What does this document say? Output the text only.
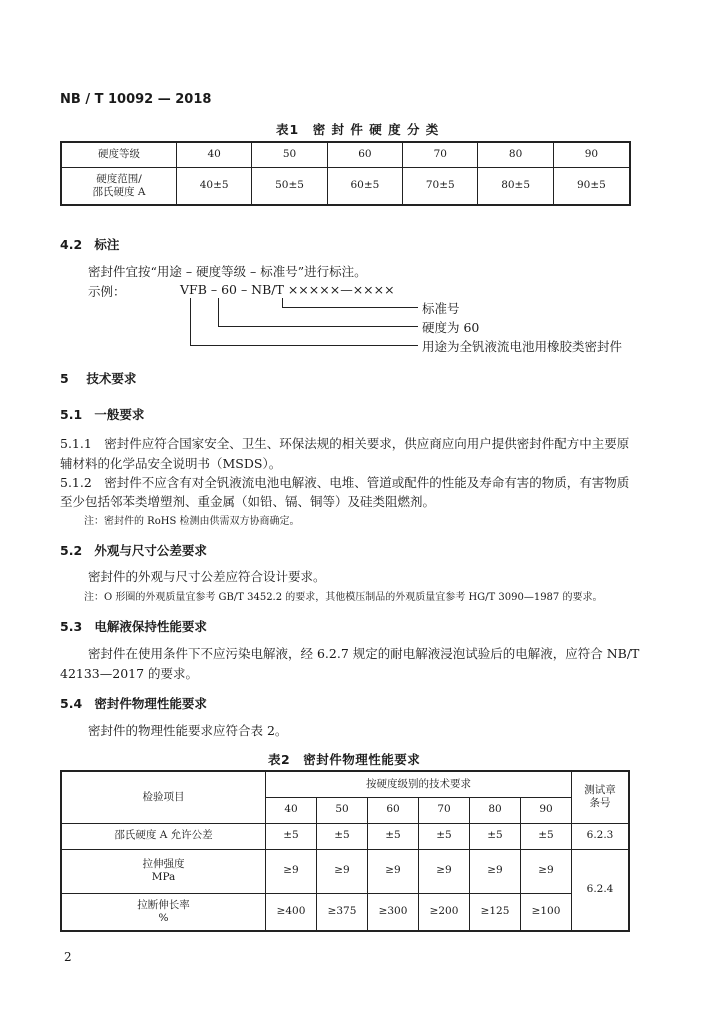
NB / T 10092 — 2018
表1　密 封 件 硬 度 分 类
硬度等级	40	50	60	70	80	90

硬度范围/
邵氏硬度 A	40±5	50±5	60±5	70±5	80±5	90±5
4.2 标注
密封件宜按“用途 – 硬度等级 – 标准号”进行标注。
示例：	VFB – 60 – NB/T ×××××—××××
标准号
硬度为 60
用途为全钒液流电池用橡胶类密封件
5 技术要求
5.1 一般要求
5.1.1　密封件应符合国家安全、卫生、环保法规的相关要求，供应商应向用户提供密封件配方中主要原
辅材料的化学品安全说明书（MSDS）。
5.1.2　密封件不应含有对全钒液流电池电解液、电堆、管道或配件的性能及寿命有害的物质，有害物质
至少包括邻苯类增塑剂、重金属（如铅、镉、铜等）及硅类阻燃剂。
注：密封件的 RoHS 检测由供需双方协商确定。
5.2 外观与尺寸公差要求
密封件的外观与尺寸公差应符合设计要求。
注：O 形圈的外观质量宜参考 GB/T 3452.2 的要求，其他模压制品的外观质量宜参考 HG/T 3090—1987 的要求。
5.3 电解液保持性能要求
密封件在使用条件下不应污染电解液，经 6.2.7 规定的耐电解液浸泡试验后的电解液，应符合 NB/T
42133—2017 的要求。
5.4 密封件物理性能要求
密封件的物理性能要求应符合表 2。
表2　密封件物理性能要求
检验项目	按硬度级别的技术要求						测试章
条号

	40	50	60	70	80	90	
邵氏硬度 A 允许公差	±5	±5	±5	±5	±5	±5	6.2.3

拉伸强度
MPa	≥9	≥9	≥9	≥9	≥9	≥9	6.2.4

拉断伸长率
%	≥400	≥375	≥300	≥200	≥125	≥100	
2
